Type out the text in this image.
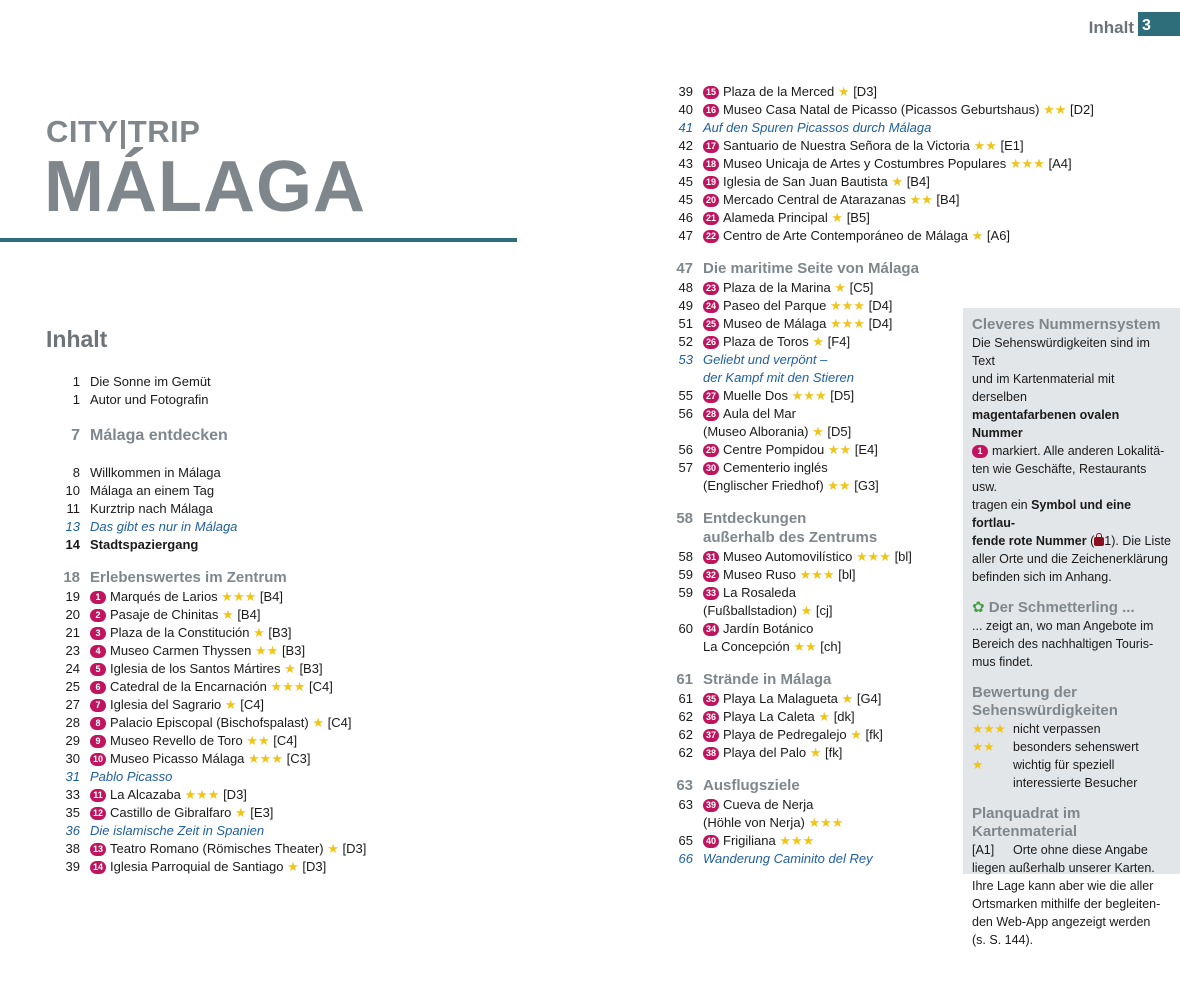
Inhalt 3
CITY|TRIP
MÁLAGA
Inhalt
1 Die Sonne im Gemüt
1 Autor und Fotografin
7 Málaga entdecken
8 Willkommen in Málaga
10 Málaga an einem Tag
11 Kurztrip nach Málaga
13 Das gibt es nur in Málaga
14 Stadtspaziergang
18 Erlebenswertes im Zentrum
19	1 Marqués de Larios ★★★ [B4]
20	2 Pasaje de Chinitas ★ [B4]
21	3 Plaza de la Constitución ★ [B3]
23	4 Museo Carmen Thyssen ★★ [B3]
24	5 Iglesia de los Santos Mártires ★ [B3]
25	6 Catedral de la Encarnación ★★★ [C4]
27	7 Iglesia del Sagrario ★ [C4]
28	8 Palacio Episcopal (Bischofspalast) ★ [C4]
29	9 Museo Revello de Toro ★★ [C4]
30	10 Museo Picasso Málaga ★★★ [C3]
31 Pablo Picasso
33	11 La Alcazaba ★★★ [D3]
35	12 Castillo de Gibralfaro ★ [E3]
36 Die islamische Zeit in Spanien
38	13 Teatro Romano (Römisches Theater) ★ [D3]
39	14 Iglesia Parroquial de Santiago ★ [D3]
39	15 Plaza de la Merced ★ [D3]
40	16 Museo Casa Natal de Picasso (Picassos Geburtshaus) ★★ [D2]
41 Auf den Spuren Picassos durch Málaga
42	17 Santuario de Nuestra Señora de la Victoria ★★ [E1]
43	18 Museo Unicaja de Artes y Costumbres Populares ★★★ [A4]
45	19 Iglesia de San Juan Bautista ★ [B4]
45	20 Mercado Central de Atarazanas ★★ [B4]
46	21 Alameda Principal ★ [B5]
47	22 Centro de Arte Contemporáneo de Málaga ★ [A6]
47 Die maritime Seite von Málaga
48	23 Plaza de la Marina ★ [C5]
49	24 Paseo del Parque ★★★ [D4]
51	25 Museo de Málaga ★★★ [D4]
52	26 Plaza de Toros ★ [F4]
53 Geliebt und verpönt –
der Kampf mit den Stieren
55	27 Muelle Dos ★★★ [D5]
56	28 Aula del Mar
(Museo Alborania) ★ [D5]
56	29 Centre Pompidou ★★ [E4]
57	30 Cementerio inglés
(Englischer Friedhof) ★★ [G3]
58 Entdeckungen
außerhalb des Zentrums
58	31 Museo Automovilístico ★★★ [bl]
59	32 Museo Ruso ★★★ [bl]
59	33 La Rosaleda
(Fußballstadion) ★ [cj]
60	34 Jardín Botánico
La Concepción ★★ [ch]
61 Strände in Málaga
61	35 Playa La Malagueta ★ [G4]
62	36 Playa La Caleta ★ [dk]
62	37 Playa de Pedregalejo ★ [fk]
62	38 Playa del Palo ★ [fk]
63 Ausflugsziele
63	39 Cueva de Nerja
(Höhle von Nerja) ★★★
65	40 Frigiliana ★★★
66 Wanderung Caminito del Rey
Cleveres Nummernsystem
Die Sehenswürdigkeiten sind im Text
und im Kartenmaterial mit derselben
magentafarbenen ovalen Nummer
1 markiert. Alle anderen Lokalitä-
ten wie Geschäfte, Restaurants usw.
tragen ein Symbol und eine fortlau-
fende rote Nummer ( 1). Die Liste
aller Orte und die Zeichenerklärung
befinden sich im Anhang.
✿ Der Schmetterling ...
... zeigt an, wo man Angebote im
Bereich des nachhaltigen Touris-
mus findet.
Bewertung der
Sehenswürdigkeiten
★★★ nicht verpassen
★★ besonders sehenswert
★ wichtig für speziell
interessierte Besucher
Planquadrat im Kartenmaterial
[A1] Orte ohne diese Angabe
liegen außerhalb unserer Karten.
Ihre Lage kann aber wie die aller
Ortsmarken mithilfe der begleiten-
den Web-App angezeigt werden
(s. S. 144).
